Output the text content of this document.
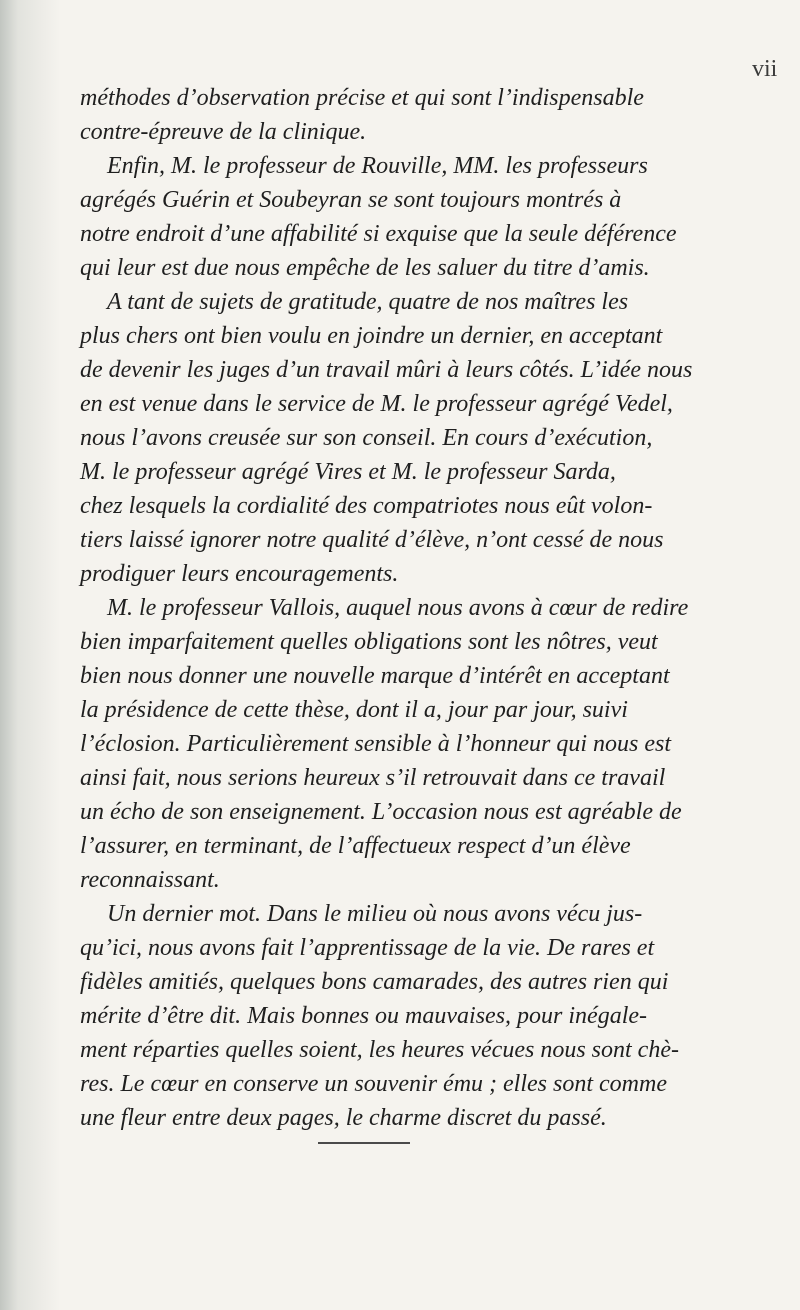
vii
méthodes d’observation précise et qui sont l’indispensable
contre-épreuve de la clinique.
Enfin, M. le professeur de Rouville, MM. les professeurs
agrégés Guérin et Soubeyran se sont toujours montrés à
notre endroit d’une affabilité si exquise que la seule déférence
qui leur est due nous empêche de les saluer du titre d’amis.
A tant de sujets de gratitude, quatre de nos maîtres les
plus chers ont bien voulu en joindre un dernier, en acceptant
de devenir les juges d’un travail mûri à leurs côtés. L’idée nous
en est venue dans le service de M. le professeur agrégé Vedel,
nous l’avons creusée sur son conseil. En cours d’exécution,
M. le professeur agrégé Vires et M. le professeur Sarda,
chez lesquels la cordialité des compatriotes nous eût volon-
tiers laissé ignorer notre qualité d’élève, n’ont cessé de nous
prodiguer leurs encouragements.
M. le professeur Vallois, auquel nous avons à cœur de redire
bien imparfaitement quelles obligations sont les nôtres, veut
bien nous donner une nouvelle marque d’intérêt en acceptant
la présidence de cette thèse, dont il a, jour par jour, suivi
l’éclosion. Particulièrement sensible à l’honneur qui nous est
ainsi fait, nous serions heureux s’il retrouvait dans ce travail
un écho de son enseignement. L’occasion nous est agréable de
l’assurer, en terminant, de l’affectueux respect d’un élève
reconnaissant.
Un dernier mot. Dans le milieu où nous avons vécu jus-
qu’ici, nous avons fait l’apprentissage de la vie. De rares et
fidèles amitiés, quelques bons camarades, des autres rien qui
mérite d’être dit. Mais bonnes ou mauvaises, pour inégale-
ment réparties quelles soient, les heures vécues nous sont chè-
res. Le cœur en conserve un souvenir ému ; elles sont comme
une fleur entre deux pages, le charme discret du passé.
